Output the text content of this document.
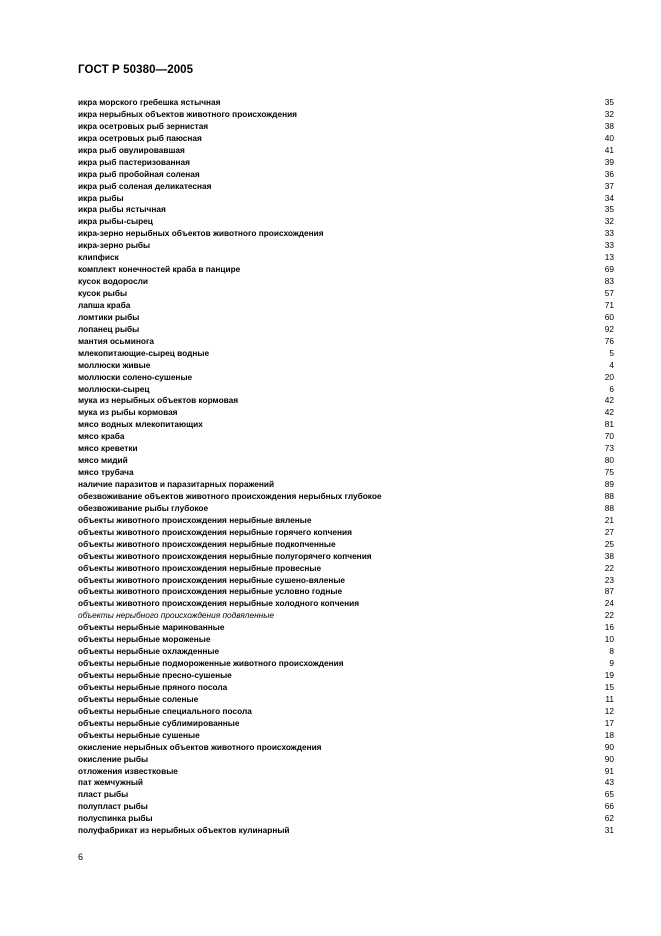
ГОСТ Р 50380—2005
икра морского гребешка ястычная	35
икра нерыбных объектов животного происхождения	32
икра осетровых рыб зернистая	38
икра осетровых рыб паюсная	40
икра рыб овулировавшая	41
икра рыб пастеризованная	39
икра рыб пробойная соленая	36
икра рыб соленая деликатесная	37
икра рыбы	34
икра рыбы ястычная	35
икра рыбы-сырец	32
икра-зерно нерыбных объектов животного происхождения	33
икра-зерно рыбы	33
клипфиск	13
комплект конечностей краба в панцире	69
кусок водоросли	83
кусок рыбы	57
лапша краба	71
ломтики рыбы	60
лопанец рыбы	92
мантия осьминога	76
млекопитающие-сырец водные	5
моллюски живые	4
моллюски солено-сушеные	20
моллюски-сырец	6
мука из нерыбных объектов кормовая	42
мука из рыбы кормовая	42
мясо водных млекопитающих	81
мясо краба	70
мясо креветки	73
мясо мидий	80
мясо трубача	75
наличие паразитов и паразитарных поражений	89
обезвоживание объектов животного происхождения нерыбных глубокое	88
обезвоживание рыбы глубокое	88
объекты животного происхождения нерыбные вяленые	21
объекты животного происхождения нерыбные горячего копчения	27
объекты животного происхождения нерыбные подкопченные	25
объекты животного происхождения нерыбные полугорячего копчения	38
объекты животного происхождения нерыбные провесные	22
объекты животного происхождения нерыбные сушено-вяленые	23
объекты животного происхождения нерыбные условно годные	87
объекты животного происхождения нерыбные холодного копчения	24
объекты нерыбного происхождения подвяленные	22
объекты нерыбные маринованные	16
объекты нерыбные мороженые	10
объекты нерыбные охлажденные	8
объекты нерыбные подмороженные животного происхождения	9
объекты нерыбные пресно-сушеные	19
объекты нерыбные пряного посола	15
объекты нерыбные соленые	11
объекты нерыбные специального посола	12
объекты нерыбные сублимированные	17
объекты нерыбные сушеные	18
окисление нерыбных объектов животного происхождения	90
окисление рыбы	90
отложения известковые	91
пат жемчужный	43
пласт рыбы	65
полупласт рыбы	66
полуспинка рыбы	62
полуфабрикат из нерыбных объектов кулинарный	31
6
